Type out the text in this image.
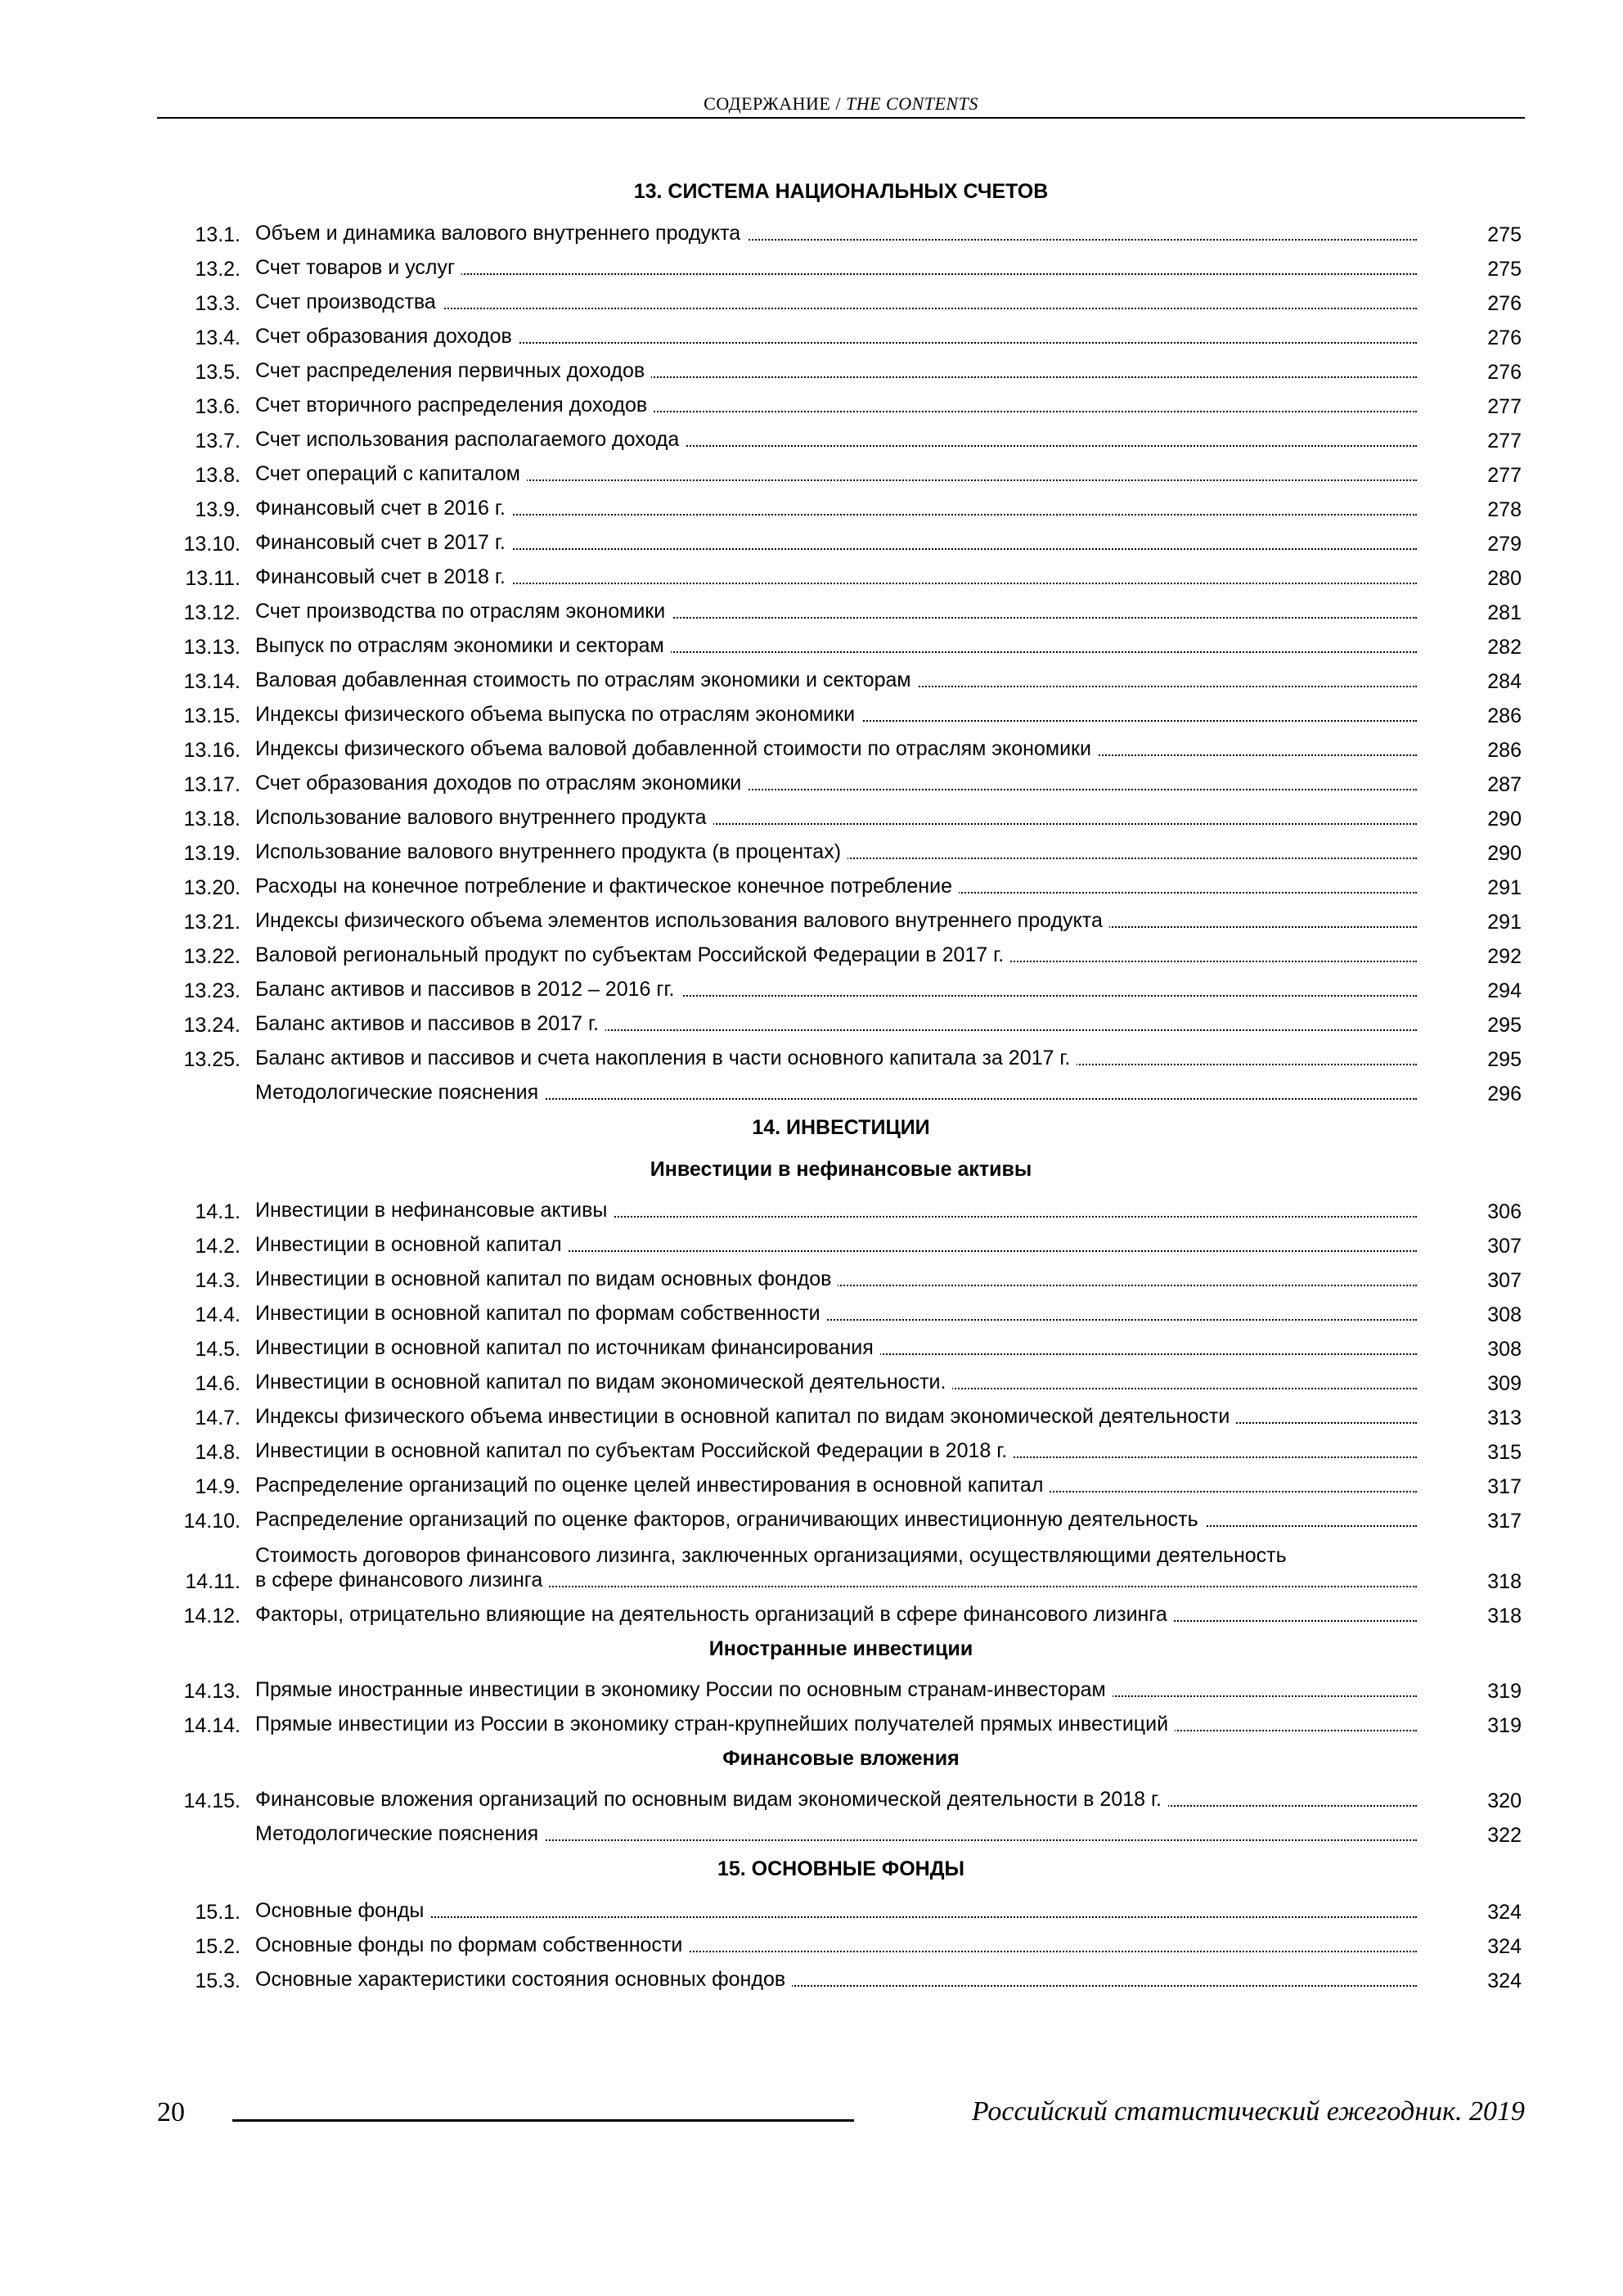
СОДЕРЖАНИЕ / THE CONTENTS
13. СИСТЕМА НАЦИОНАЛЬНЫХ СЧЕТОВ
13.1. Объем и динамика валового внутреннего продукта	275
13.2. Счет товаров и услуг	275
13.3. Счет производства	276
13.4. Счет образования доходов	276
13.5. Счет распределения первичных доходов	276
13.6. Счет вторичного распределения доходов	277
13.7. Счет использования располагаемого дохода	277
13.8. Счет операций с капиталом	277
13.9. Финансовый счет в 2016 г.	278
13.10. Финансовый счет в 2017 г.	279
13.11. Финансовый счет в 2018 г.	280
13.12. Счет производства по отраслям экономики	281
13.13. Выпуск по отраслям экономики и секторам	282
13.14. Валовая добавленная стоимость по отраслям экономики и секторам	284
13.15. Индексы физического объема выпуска по отраслям экономики	286
13.16. Индексы физического объема валовой добавленной стоимости по отраслям экономики	286
13.17. Счет образования доходов по отраслям экономики	287
13.18. Использование валового внутреннего продукта	290
13.19. Использование валового внутреннего продукта (в процентах)	290
13.20. Расходы на конечное потребление и фактическое конечное потребление	291
13.21. Индексы физического объема элементов использования валового внутреннего продукта	291
13.22. Валовой региональный продукт по субъектам Российской Федерации в 2017 г.	292
13.23. Баланс активов и пассивов в 2012 – 2016 гг.	294
13.24. Баланс активов и пассивов в 2017 г.	295
13.25. Баланс активов и пассивов и счета накопления в части основного капитала за 2017 г.	295
Методологические пояснения	296
14. ИНВЕСТИЦИИ
Инвестиции в нефинансовые активы
14.1. Инвестиции в нефинансовые активы	306
14.2. Инвестиции в основной капитал	307
14.3. Инвестиции в основной капитал по видам основных фондов	307
14.4. Инвестиции в основной капитал по формам собственности	308
14.5. Инвестиции в основной капитал по источникам финансирования	308
14.6. Инвестиции в основной капитал по видам экономической деятельности.	309
14.7. Индексы физического объема инвестиции в основной капитал по видам экономической деятельности	313
14.8. Инвестиции в основной капитал по субъектам Российской Федерации в 2018 г.	315
14.9. Распределение организаций по оценке целей инвестирования в основной капитал	317
14.10. Распределение организаций по оценке факторов, ограничивающих инвестиционную деятельность	317
14.11.
Стоимость договоров финансового лизинга, заключенных организациями, осуществляющими деятельность
в сфере финансового лизинга	318
14.12. Факторы, отрицательно влияющие на деятельность организаций в сфере финансового лизинга	318
Иностранные инвестиции
14.13. Прямые иностранные инвестиции в экономику России по основным странам-инвесторам	319
14.14. Прямые инвестиции из России в экономику стран-крупнейших получателей прямых инвестиций	319
Финансовые вложения
14.15. Финансовые вложения организаций по основным видам экономической деятельности в 2018 г.	320
Методологические пояснения	322
15. ОСНОВНЫЕ ФОНДЫ
15.1. Основные фонды	324
15.2. Основные фонды по формам собственности	324
15.3. Основные характеристики состояния основных фондов	324
20	Российский статистический ежегодник. 2019
